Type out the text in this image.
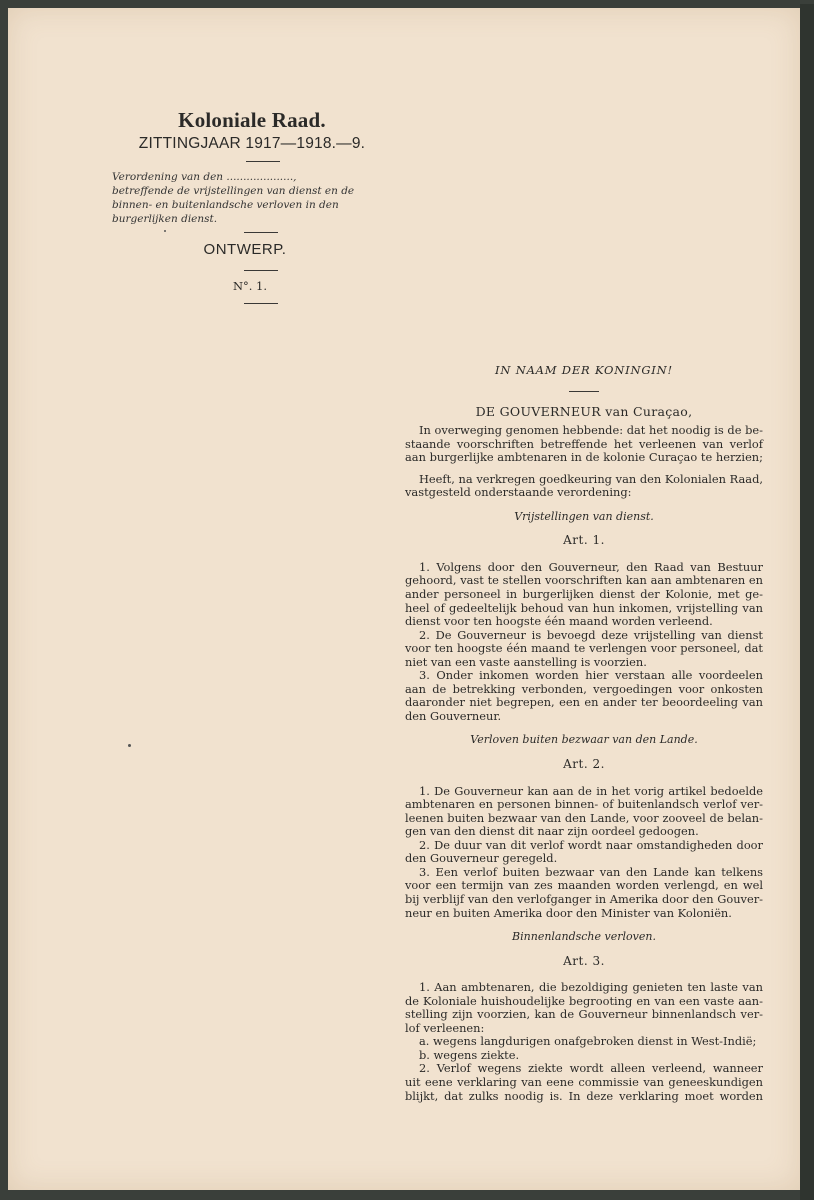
Koloniale Raad.
ZITTINGJAAR 1917—1918.—9.
Verordening van den ....................,
betreffende de vrijstellingen van dienst en de
binnen- en buitenlandsche verloven in den
burgerlijken dienst.
ONTWERP.
N°. 1.
IN NAAM DER KONINGIN!
DE GOUVERNEUR van Curaçao,
In overweging genomen hebbende: dat het noodig is de be-
staande voorschriften betreffende het verleenen van verlof
aan burgerlijke ambtenaren in de kolonie Curaçao te herzien;
Heeft, na verkregen goedkeuring van den Kolonialen Raad,
vastgesteld onderstaande verordening:
Vrijstellingen van dienst.
Art. 1.
1. Volgens door den Gouverneur, den Raad van Bestuur
gehoord, vast te stellen voorschriften kan aan ambtenaren en
ander personeel in burgerlijken dienst der Kolonie, met ge-
heel of gedeeltelijk behoud van hun inkomen, vrijstelling van
dienst voor ten hoogste één maand worden verleend.
2. De Gouverneur is bevoegd deze vrijstelling van dienst
voor ten hoogste één maand te verlengen voor personeel, dat
niet van een vaste aanstelling is voorzien.
3. Onder inkomen worden hier verstaan alle voordeelen
aan de betrekking verbonden, vergoedingen voor onkosten
daaronder niet begrepen, een en ander ter beoordeeling van
den Gouverneur.
Verloven buiten bezwaar van den Lande.
Art. 2.
1. De Gouverneur kan aan de in het vorig artikel bedoelde
ambtenaren en personen binnen- of buitenlandsch verlof ver-
leenen buiten bezwaar van den Lande, voor zooveel de belan-
gen van den dienst dit naar zijn oordeel gedoogen.
2. De duur van dit verlof wordt naar omstandigheden door
den Gouverneur geregeld.
3. Een verlof buiten bezwaar van den Lande kan telkens
voor een termijn van zes maanden worden verlengd, en wel
bij verblijf van den verlofganger in Amerika door den Gouver-
neur en buiten Amerika door den Minister van Koloniën.
Binnenlandsche verloven.
Art. 3.
1. Aan ambtenaren, die bezoldiging genieten ten laste van
de Koloniale huishoudelijke begrooting en van een vaste aan-
stelling zijn voorzien, kan de Gouverneur binnenlandsch ver-
lof verleenen:
a. wegens langdurigen onafgebroken dienst in West-Indië;
b. wegens ziekte.
2. Verlof wegens ziekte wordt alleen verleend, wanneer
uit eene verklaring van eene commissie van geneeskundigen
blijkt, dat zulks noodig is. In deze verklaring moet worden
